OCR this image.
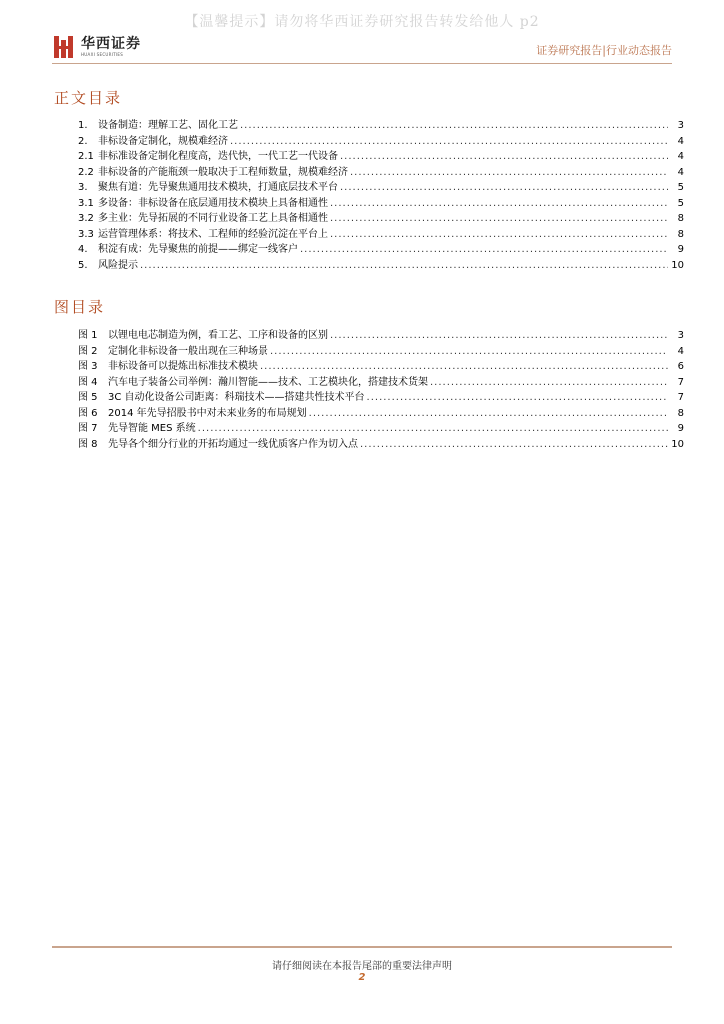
【温馨提示】请勿将华西证券研究报告转发给他人 p2
华西证券
HUAXI SECURITIES	证券研究报告|行业动态报告
正文目录
1.	设备制造：理解工艺、固化工艺 .....	3
2.	非标设备定制化，规模难经济 .....	4
2.1 非标准设备定制化程度高，迭代快，一代工艺一代设备 .....	4
2.2 非标设备的产能瓶颈一般取决于工程师数量，规模难经济 .....	4
3.	聚焦有道：先导聚焦通用技术模块，打通底层技术平台 .....	5
3.1 多设备：非标设备在底层通用技术模块上具备相通性 .....	5
3.2 多主业：先导拓展的不同行业设备工艺上具备相通性 .....	8
3.3 运营管理体系：将技术、工程师的经验沉淀在平台上 .....	8
4.	积淀有成：先导聚焦的前提——绑定一线客户 .....	9
5.	风险提示 .....	10
图目录
图 1	以锂电电芯制造为例，看工艺、工序和设备的区别 .....	3
图 2	定制化非标设备一般出现在三种场景 .....	4
图 3	非标设备可以提炼出标准技术模块 .....	6
图 4	汽车电子装备公司举例：瀚川智能——技术、工艺模块化，搭建技术货架 .....	7
图 5	3C 自动化设备公司距离：科瑞技术——搭建共性技术平台 .....	7
图 6	2014 年先导招股书中对未来业务的布局规划 .....	8
图 7	先导智能 MES 系统 .....	9
图 8	先导各个细分行业的开拓均通过一线优质客户作为切入点 .....	10
请仔细阅读在本报告尾部的重要法律声明
2
